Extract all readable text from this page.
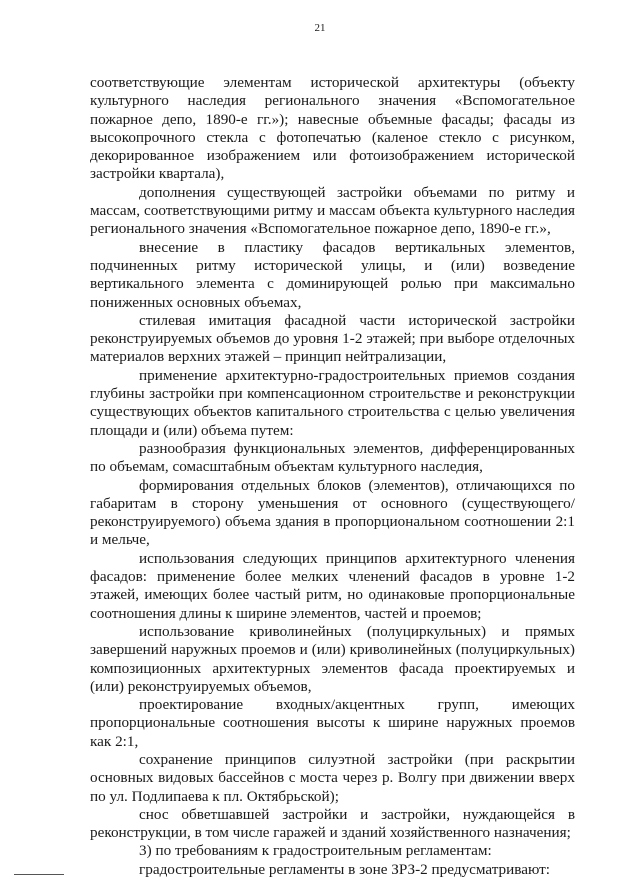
21

соответствующие элементам исторической архитектуры (объекту культурного наследия регионального значения «Вспомогательное пожарное депо, 1890-е гг.»); навесные объемные фасады; фасады из высокопрочного стекла с фотопечатью (каленое стекло с рисунком, декорированное изображением или фотоизображением исторической застройки квартала),

дополнения существующей застройки объемами по ритму и массам, соответствующими ритму и массам объекта культурного наследия регионального значения «Вспомогательное пожарное депо, 1890-е гг.»,

внесение в пластику фасадов вертикальных элементов, подчиненных ритму исторической улицы, и (или) возведение вертикального элемента с доминирующей ролью при максимально пониженных основных объемах,

стилевая имитация фасадной части исторической застройки реконструируемых объемов до уровня 1-2 этажей; при выборе отделочных материалов верхних этажей – принцип нейтрализации,

применение архитектурно-градостроительных приемов создания глубины застройки при компенсационном строительстве и реконструкции существующих объектов капитального строительства с целью увеличения площади и (или) объема путем:

разнообразия функциональных элементов, дифференцированных по объемам, сомасштабным объектам культурного наследия,

формирования отдельных блоков (элементов), отличающихся по габаритам в сторону уменьшения от основного (существующего/реконструируемого) объема здания в пропорциональном соотношении 2:1 и мельче,

использования следующих принципов архитектурного членения фасадов: применение более мелких членений фасадов в уровне 1-2 этажей, имеющих более частый ритм, но одинаковые пропорциональные соотношения длины к ширине элементов, частей и проемов;

использование криволинейных (полуциркульных) и прямых завершений наружных проемов и (или) криволинейных (полуциркульных) композиционных архитектурных элементов фасада проектируемых и (или) реконструируемых объемов,

проектирование входных/акцентных групп, имеющих пропорциональные соотношения высоты к ширине наружных проемов как 2:1,

сохранение принципов силуэтной застройки (при раскрытии основных видовых бассейнов с моста через р. Волгу при движении вверх по ул. Подлипаева к пл. Октябрьской);

снос обветшавшей застройки и застройки, нуждающейся в реконструкции, в том числе гаражей и зданий хозяйственного назначения;

3) по требованиям к градостроительным регламентам:

градостроительные регламенты в зоне ЗРЗ-2 предусматривают:
